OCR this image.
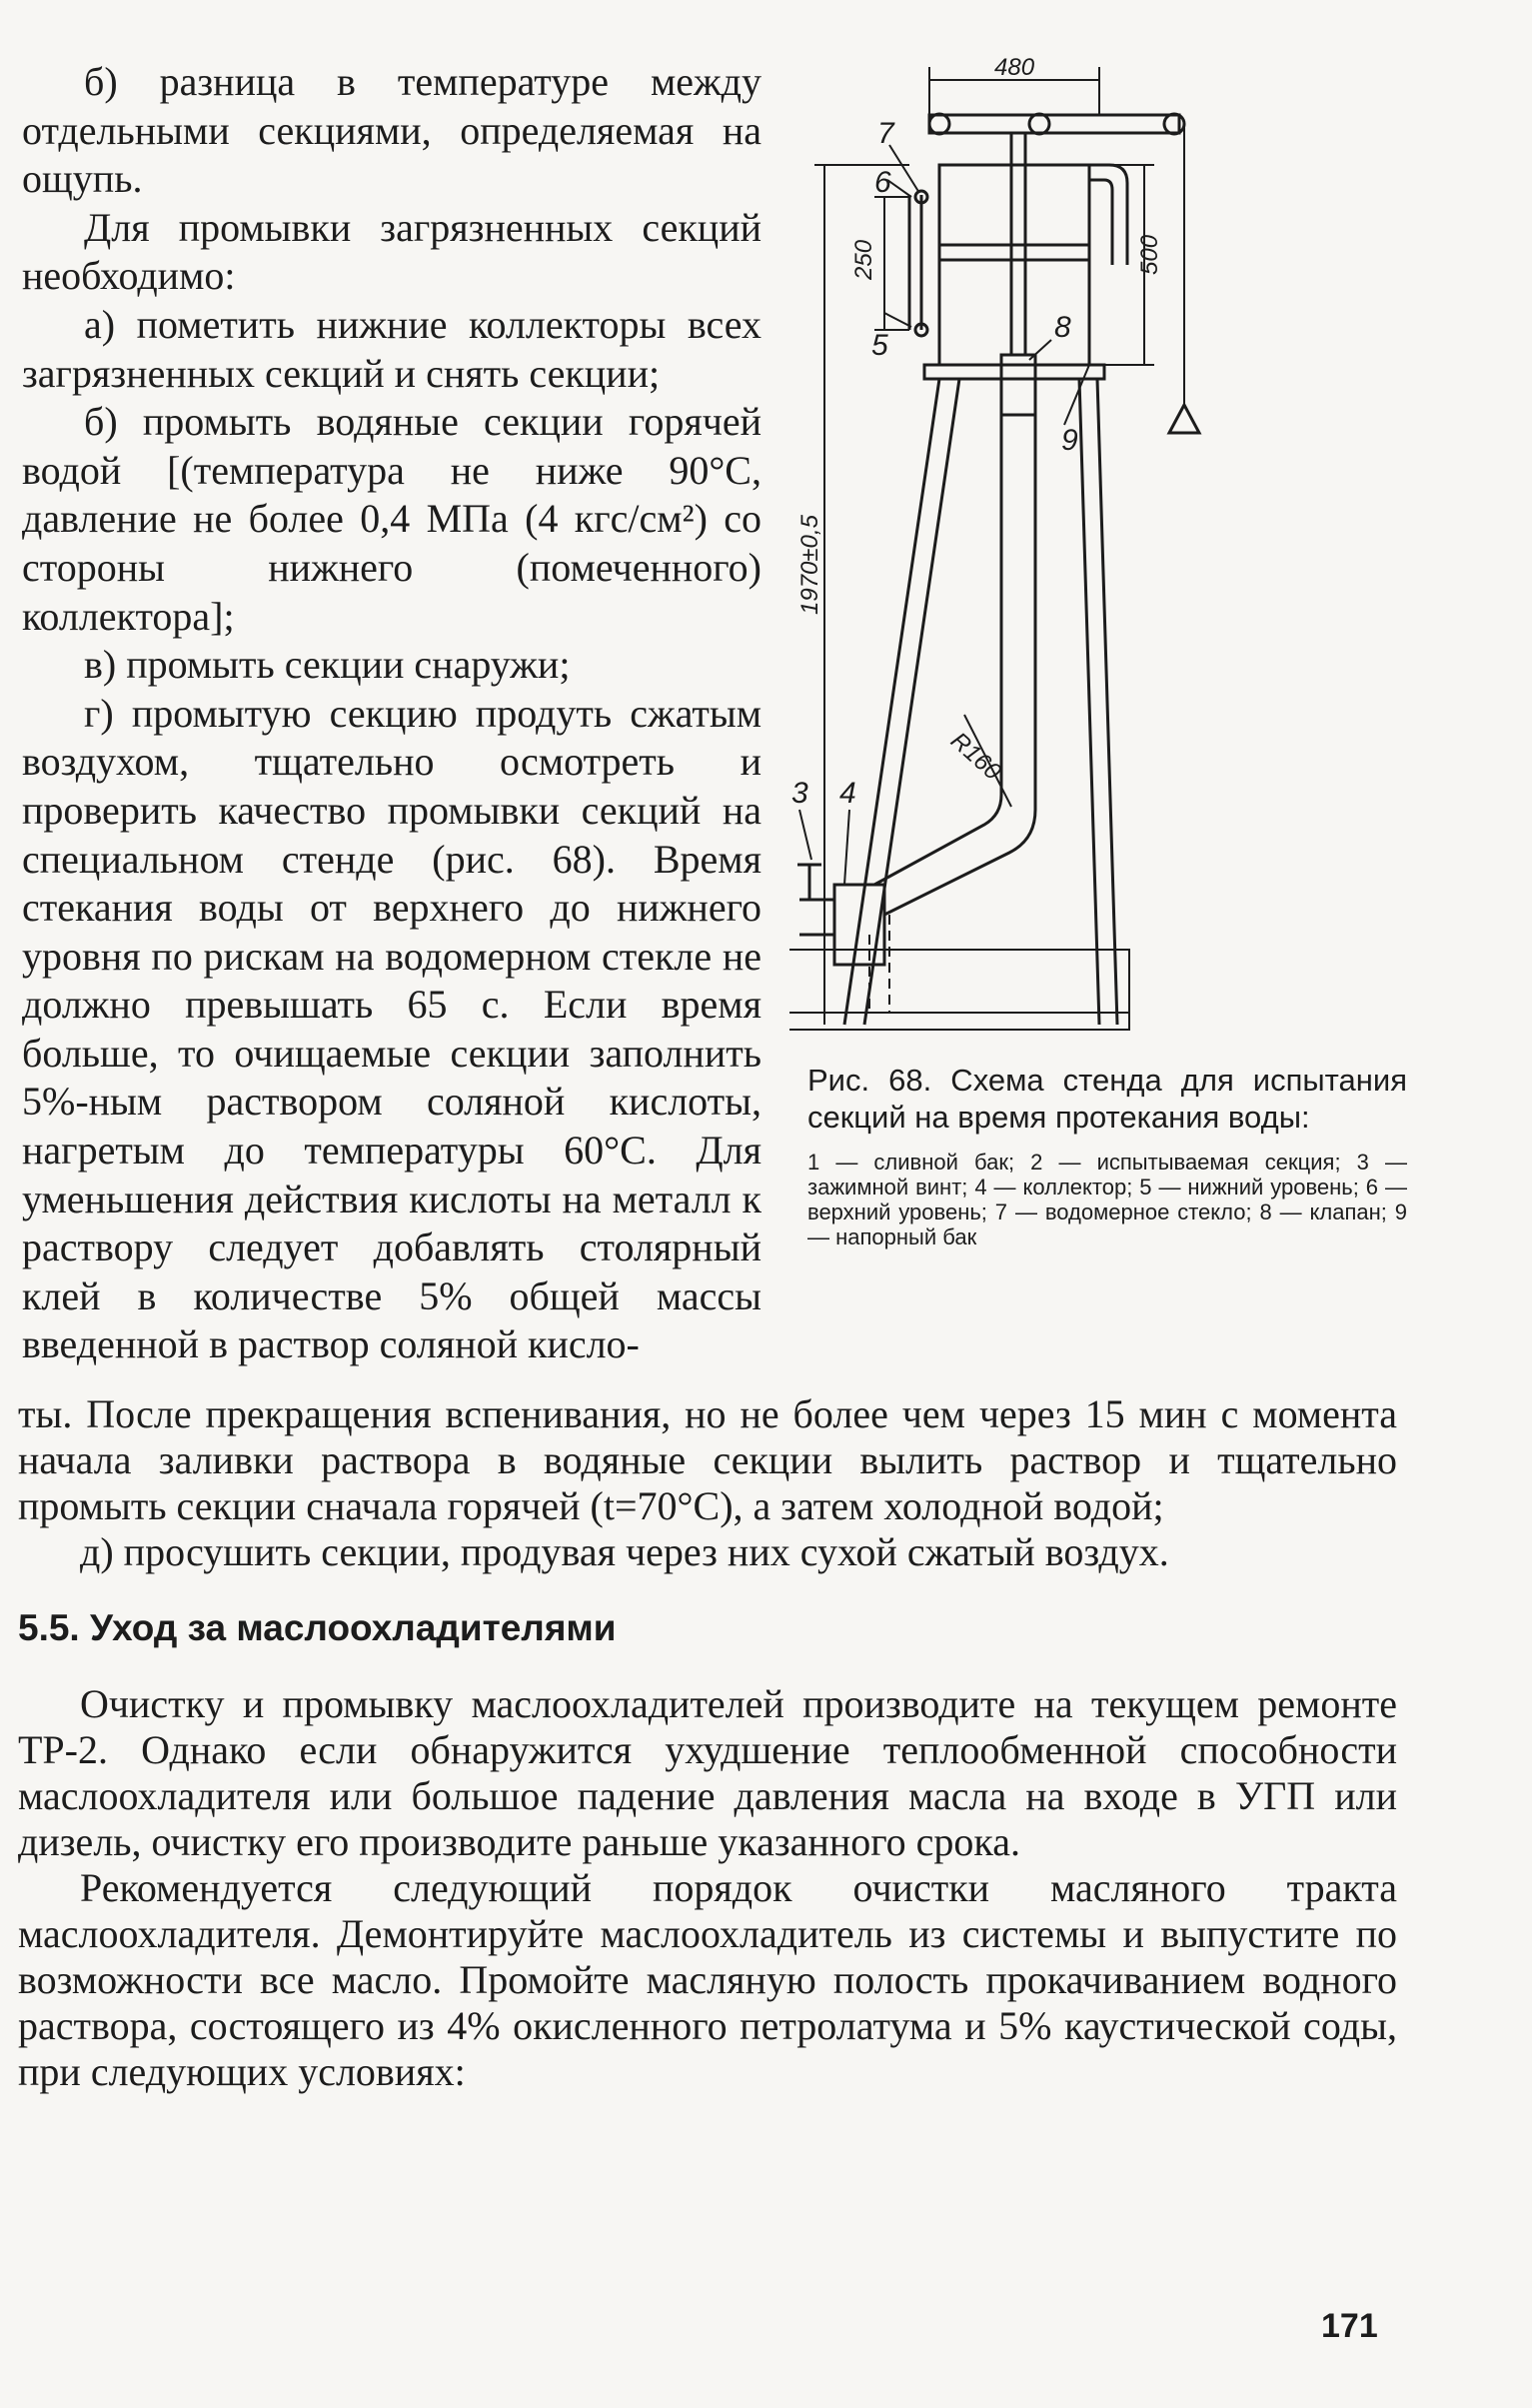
б) разница в температуре между отдельными секциями, определяемая на ощупь.

Для промывки загрязненных секций необходимо:

а) пометить нижние коллекторы всех загрязненных секций и снять секции;

б) промыть водяные секции горячей водой [(температура не ниже 90°С, давление не более 0,4 МПа (4 кгс/см²) со стороны нижнего (помеченного) коллектора];

в) промыть секции снаружи;

г) промытую секцию продуть сжатым воздухом, тщательно осмотреть и проверить качество промывки секций на специальном стенде (рис. 68). Время стекания воды от верхнего до нижнего уровня по рискам на водомерном стекле не должно превышать 65 с. Если время больше, то очищаемые секции заполнить 5%-ным раствором соляной кислоты, нагретым до температуры 60°С. Для уменьшения действия кислоты на металл к раствору следует добавлять столярный клей в количестве 5% общей массы введенной в раствор соляной кисло-

480
500
250
1970±0,5
R160
3 4
5
6
7
8
9

Рис. 68. Схема стенда для испытания секций на время протекания воды:

1 — сливной бак; 2 — испытываемая секция; 3 — зажимной винт; 4 — коллектор; 5 — нижний уровень; 6 — верхний уровень; 7 — водомерное стекло; 8 — клапан; 9 — напорный бак

ты. После прекращения вспенивания, но не более чем через 15 мин с момента начала заливки раствора в водяные секции вылить раствор и тщательно промыть секции сначала горячей (t=70°С), а затем холодной водой;

д) просушить секции, продувая через них сухой сжатый воздух.

5.5. Уход за маслоохладителями

Очистку и промывку маслоохладителей производите на текущем ремонте ТР-2. Однако если обнаружится ухудшение теплообменной способности маслоохладителя или большое падение давления масла на входе в УГП или дизель, очистку его производите раньше указанного срока.

Рекомендуется следующий порядок очистки масляного тракта маслоохладителя. Демонтируйте маслоохладитель из системы и выпустите по возможности все масло. Промойте масляную полость прокачиванием водного раствора, состоящего из 4% окисленного петролатума и 5% каустической соды, при следующих условиях:

171
